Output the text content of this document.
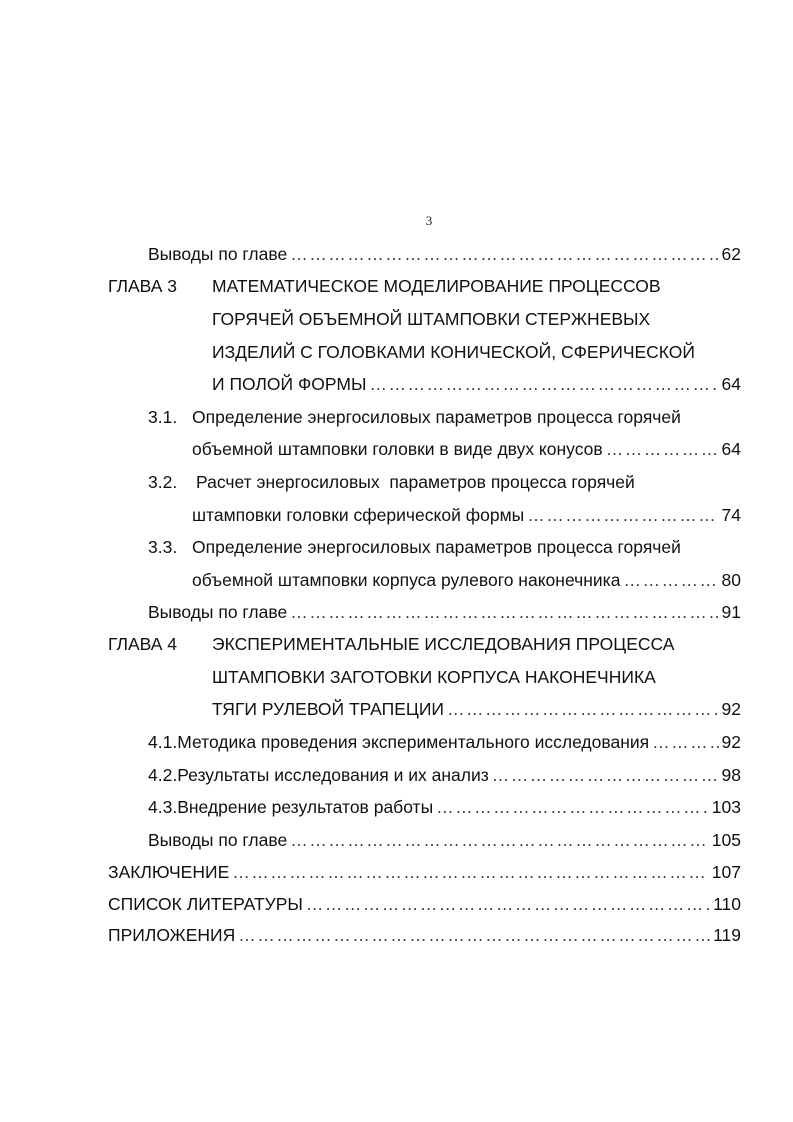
3
Выводы по главе …………………………………………………………………………………………………………………………………………………………	62
ГЛАВА 3	МАТЕМАТИЧЕСКОЕ МОДЕЛИРОВАНИЕ ПРОЦЕССОВ
ГОРЯЧЕЙ ОБЪЕМНОЙ ШТАМПОВКИ СТЕРЖНЕВЫХ
ИЗДЕЛИЙ С ГОЛОВКАМИ КОНИЧЕСКОЙ, СФЕРИЧЕСКОЙ
И ПОЛОЙ ФОРМЫ …………………………………………………………………………………………………………………………………………………………	64
3.1. Определение энергосиловых параметров процесса горячей
объемной штамповки головки в виде двух конусов …………………………………………………………………………………………………………………………………………………………	64
3.2.	Расчет энергосиловых  параметров процесса горячей
штамповки головки сферической формы …………………………………………………………………………………………………………………………………………………………	74
3.3. Определение энергосиловых параметров процесса горячей
объемной штамповки корпуса рулевого наконечника …………………………………………………………………………………………………………………………………………………………	80
Выводы по главе …………………………………………………………………………………………………………………………………………………………	91
ГЛАВА 4	ЭКСПЕРИМЕНТАЛЬНЫЕ ИССЛЕДОВАНИЯ ПРОЦЕССА
ШТАМПОВКИ ЗАГОТОВКИ КОРПУСА НАКОНЕЧНИКА
ТЯГИ РУЛЕВОЙ ТРАПЕЦИИ …………………………………………………………………………………………………………………………………………………………	92
4.1. Методика проведения экспериментального исследования …………………………………………………………………………………………………………………………………………………………	92
4.2. Результаты исследования и их анализ …………………………………………………………………………………………………………………………………………………………	98
4.3. Внедрение результатов работы …………………………………………………………………………………………………………………………………………………………	103
Выводы по главе …………………………………………………………………………………………………………………………………………………………	105
ЗАКЛЮЧЕНИЕ …………………………………………………………………………………………………………………………………………………………	107
СПИСОК ЛИТЕРАТУРЫ …………………………………………………………………………………………………………………………………………………………	110
ПРИЛОЖЕНИЯ …………………………………………………………………………………………………………………………………………………………	119
